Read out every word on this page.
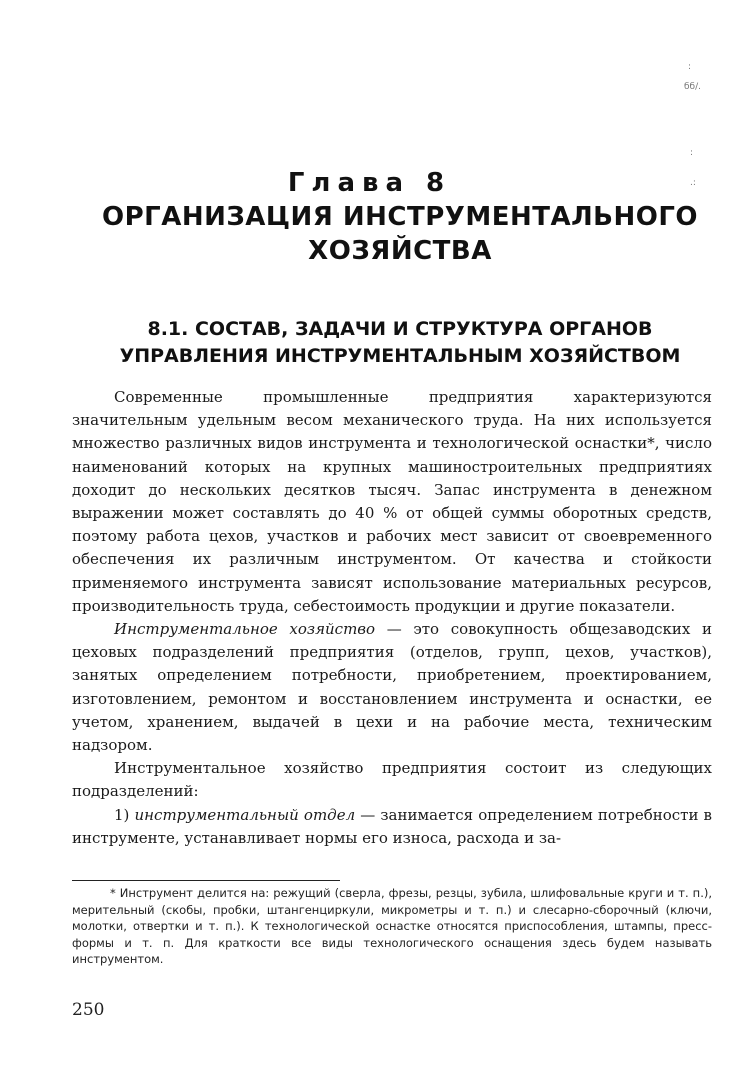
:
бб/.
:
.:
Глава 8
ОРГАНИЗАЦИЯ ИНСТРУМЕНТАЛЬНОГО
ХОЗЯЙСТВА
8.1. СОСТАВ, ЗАДАЧИ И СТРУКТУРА ОРГАНОВ
УПРАВЛЕНИЯ ИНСТРУМЕНТАЛЬНЫМ ХОЗЯЙСТВОМ

Современные промышленные предприятия характеризуются значительным удельным весом механического труда. На них используется множество различных видов инструмента и технологической оснастки*, число наименований которых на крупных машиностроительных предприятиях доходит до нескольких десятков тысяч. Запас инструмента в денежном выражении может составлять до 40 % от общей суммы оборотных средств, поэтому работа цехов, участков и рабочих мест зависит от своевременного обеспечения их различным инструментом. От качества и стойкости применяемого инструмента зависят использование материальных ресурсов, производительность труда, себестоимость продукции и другие показатели.

Инструментальное хозяйство — это совокупность общезаводских и цеховых подразделений предприятия (отделов, групп, цехов, участков), занятых определением потребности, приобретением, проектированием, изготовлением, ремонтом и восстановлением инструмента и оснастки, ее учетом, хранением, выдачей в цехи и на рабочие места, техническим надзором.

Инструментальное хозяйство предприятия состоит из следующих подразделений:

1) инструментальный отдел — занимается определением потребности в инструменте, устанавливает нормы его износа, расхода и за-

* Инструмент делится на: режущий (сверла, фрезы, резцы, зубила, шлифовальные круги и т. п.), мерительный (скобы, пробки, штангенциркули, микрометры и т. п.) и слесарно-сборочный (ключи, молотки, отвертки и т. п.). К технологической оснастке относятся приспособления, штампы, пресс-формы и т. п. Для краткости все виды технологического оснащения здесь будем называть инструментом.

250
